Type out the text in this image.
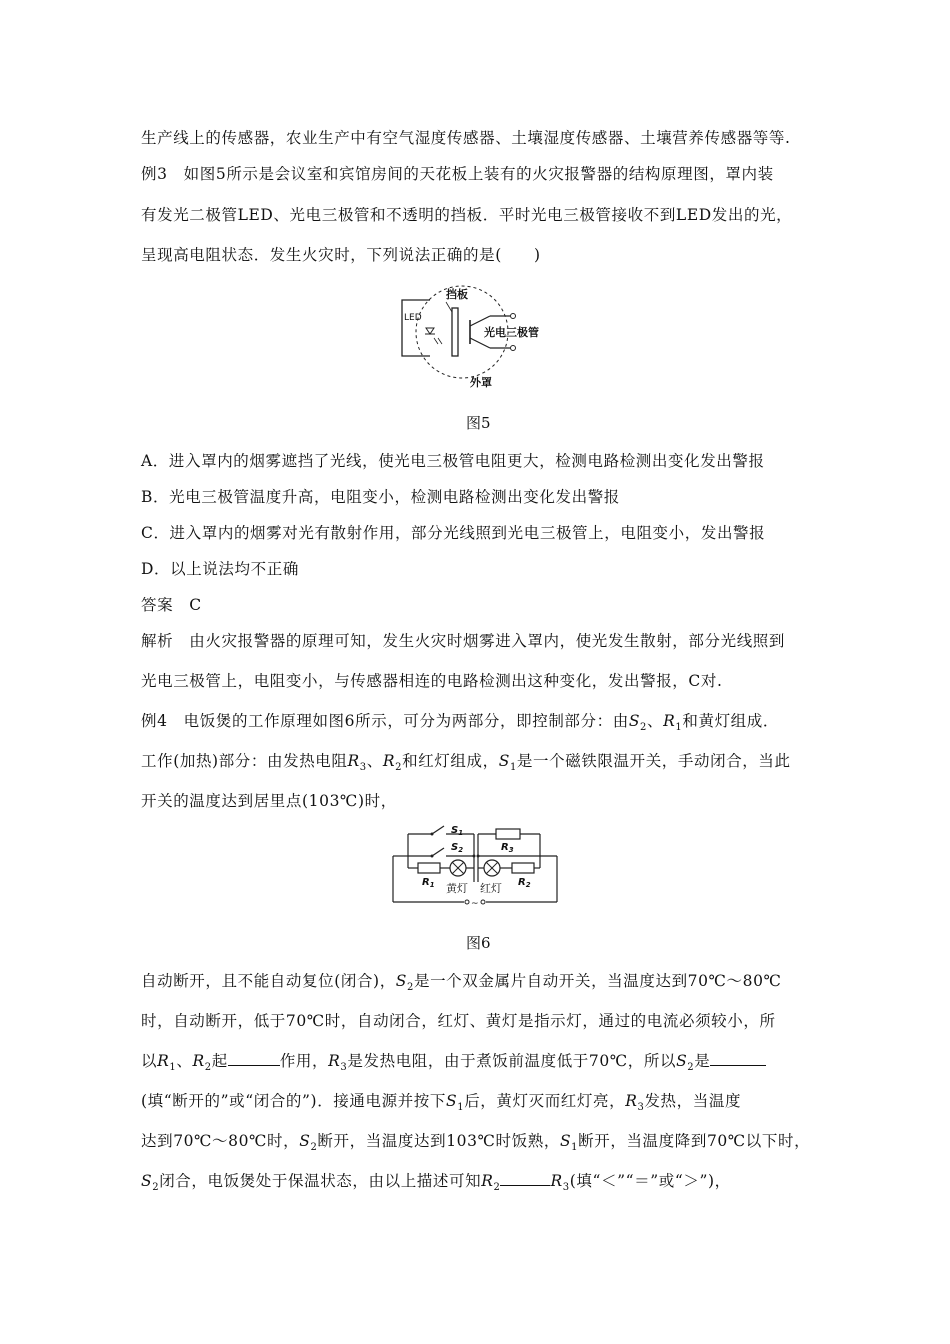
生产线上的传感器，农业生产中有空气湿度传感器、土壤湿度传感器、土壤营养传感器等等.
例3　如图5所示是会议室和宾馆房间的天花板上装有的火灾报警器的结构原理图，罩内装
有发光二极管LED、光电三极管和不透明的挡板．平时光电三极管接收不到LED发出的光，
呈现高电阻状态．发生火灾时，下列说法正确的是(　　)
LED
挡板
光电三极管
外罩
图5
A．进入罩内的烟雾遮挡了光线，使光电三极管电阻更大，检测电路检测出变化发出警报
B．光电三极管温度升高，电阻变小，检测电路检测出变化发出警报
C．进入罩内的烟雾对光有散射作用，部分光线照到光电三极管上，电阻变小，发出警报
D．以上说法均不正确
答案　C
解析　由火灾报警器的原理可知，发生火灾时烟雾进入罩内，使光发生散射，部分光线照到
光电三极管上，电阻变小，与传感器相连的电路检测出这种变化，发出警报，C对.
例4　电饭煲的工作原理如图6所示，可分为两部分，即控制部分：由$S_2$、$R_1$和黄灯组成．
工作(加热)部分：由发热电阻$R_3$、$R_2$和红灯组成，$S_1$是一个磁铁限温开关，手动闭合，当此
开关的温度达到居里点(103℃)时，
~
$S_1$
$S_2$	$R_3$
$R_1$ 黄灯 红灯 $R_2$
图6
自动断开，且不能自动复位(闭合)，$S_2$是一个双金属片自动开关，当温度达到70℃～80℃
时，自动断开，低于70℃时，自动闭合，红灯、黄灯是指示灯，通过的电流必须较小，所
以$R_1$、$R_2$起	作用，$R_3$是发热电阻，由于煮饭前温度低于70℃，所以$S_2$是
(填“断开的”或“闭合的”)．接通电源并按下$S_1$后，黄灯灭而红灯亮，$R_3$发热，当温度
达到70℃～80℃时，$S_2$断开，当温度达到103℃时饭熟，$S_1$断开，当温度降到70℃以下时，
$S_2$闭合，电饭煲处于保温状态，由以上描述可知$R_2$	$R_3$(填“＜”“＝”或“＞”)，
